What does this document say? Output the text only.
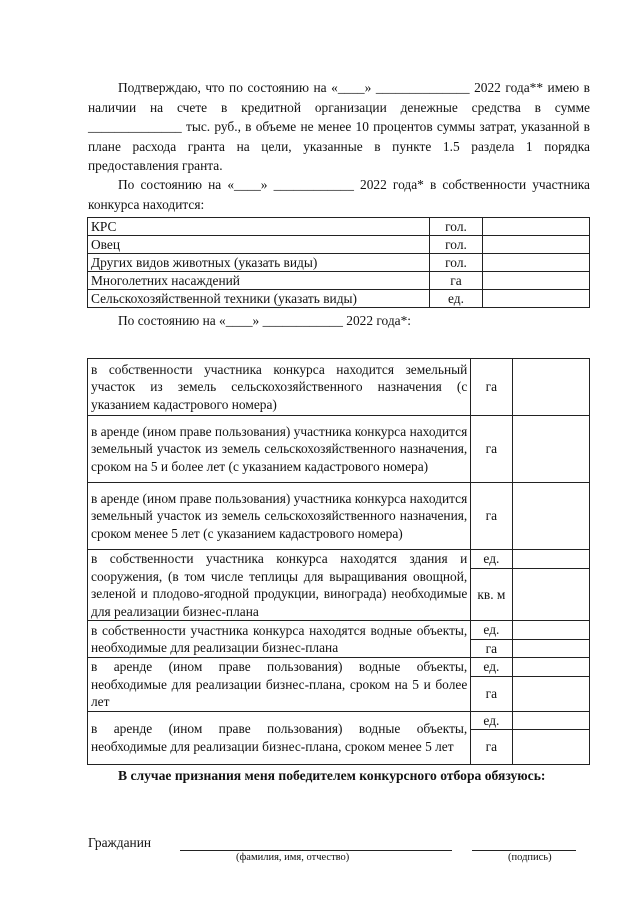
Подтверждаю, что по состоянию на «____» ______________ 2022 года** имею в наличии на счете в кредитной организации денежные средства в сумме ______________ тыс. руб., в объеме не менее 10 процентов суммы затрат, указанной в плане расхода гранта на цели, указанные в пункте 1.5 раздела 1 порядка предоставления гранта.
По состоянию на «____» ____________ 2022 года* в собственности участника конкурса находится:
КРС	гол.	
Овец	гол.	
Других видов животных (указать виды)	гол.	
Многолетних насаждений	га	
Сельскохозяйственной техники (указать виды)	ед.	
По состоянию на «____» ____________ 2022 года*:
в собственности участника конкурса находится земельный участок из земель сельскохозяйственного назначения (с указанием кадастрового номера)	га	
в аренде (ином праве пользования) участника конкурса находится земельный участок из земель сельскохозяйственного назначения, сроком на 5 и более лет (с указанием кадастрового номера)	га	
в аренде (ином праве пользования) участника конкурса находится земельный участок из земель сельскохозяйственного назначения, сроком менее 5 лет (с указанием кадастрового номера)	га	
в собственности участника конкурса находятся здания и сооружения, (в том числе теплицы для выращивания овощной, зеленой и плодово-ягодной продукции, винограда) необходимые для реализации бизнес-плана	ед.	
	кв. м	
в собственности участника конкурса находятся водные объекты, необходимые для реализации бизнес-плана	ед.	
	га	
в аренде (ином праве пользования) водные объекты, необходимые для реализации бизнес-плана, сроком на 5 и более лет	ед.	
	га	
в аренде (ином праве пользования) водные объекты, необходимые для реализации бизнес-плана, сроком менее 5 лет	ед.	
	га	
В случае признания меня победителем конкурсного отбора обязуюсь:
Гражданин
(фамилия, имя, отчество)	(подпись)
